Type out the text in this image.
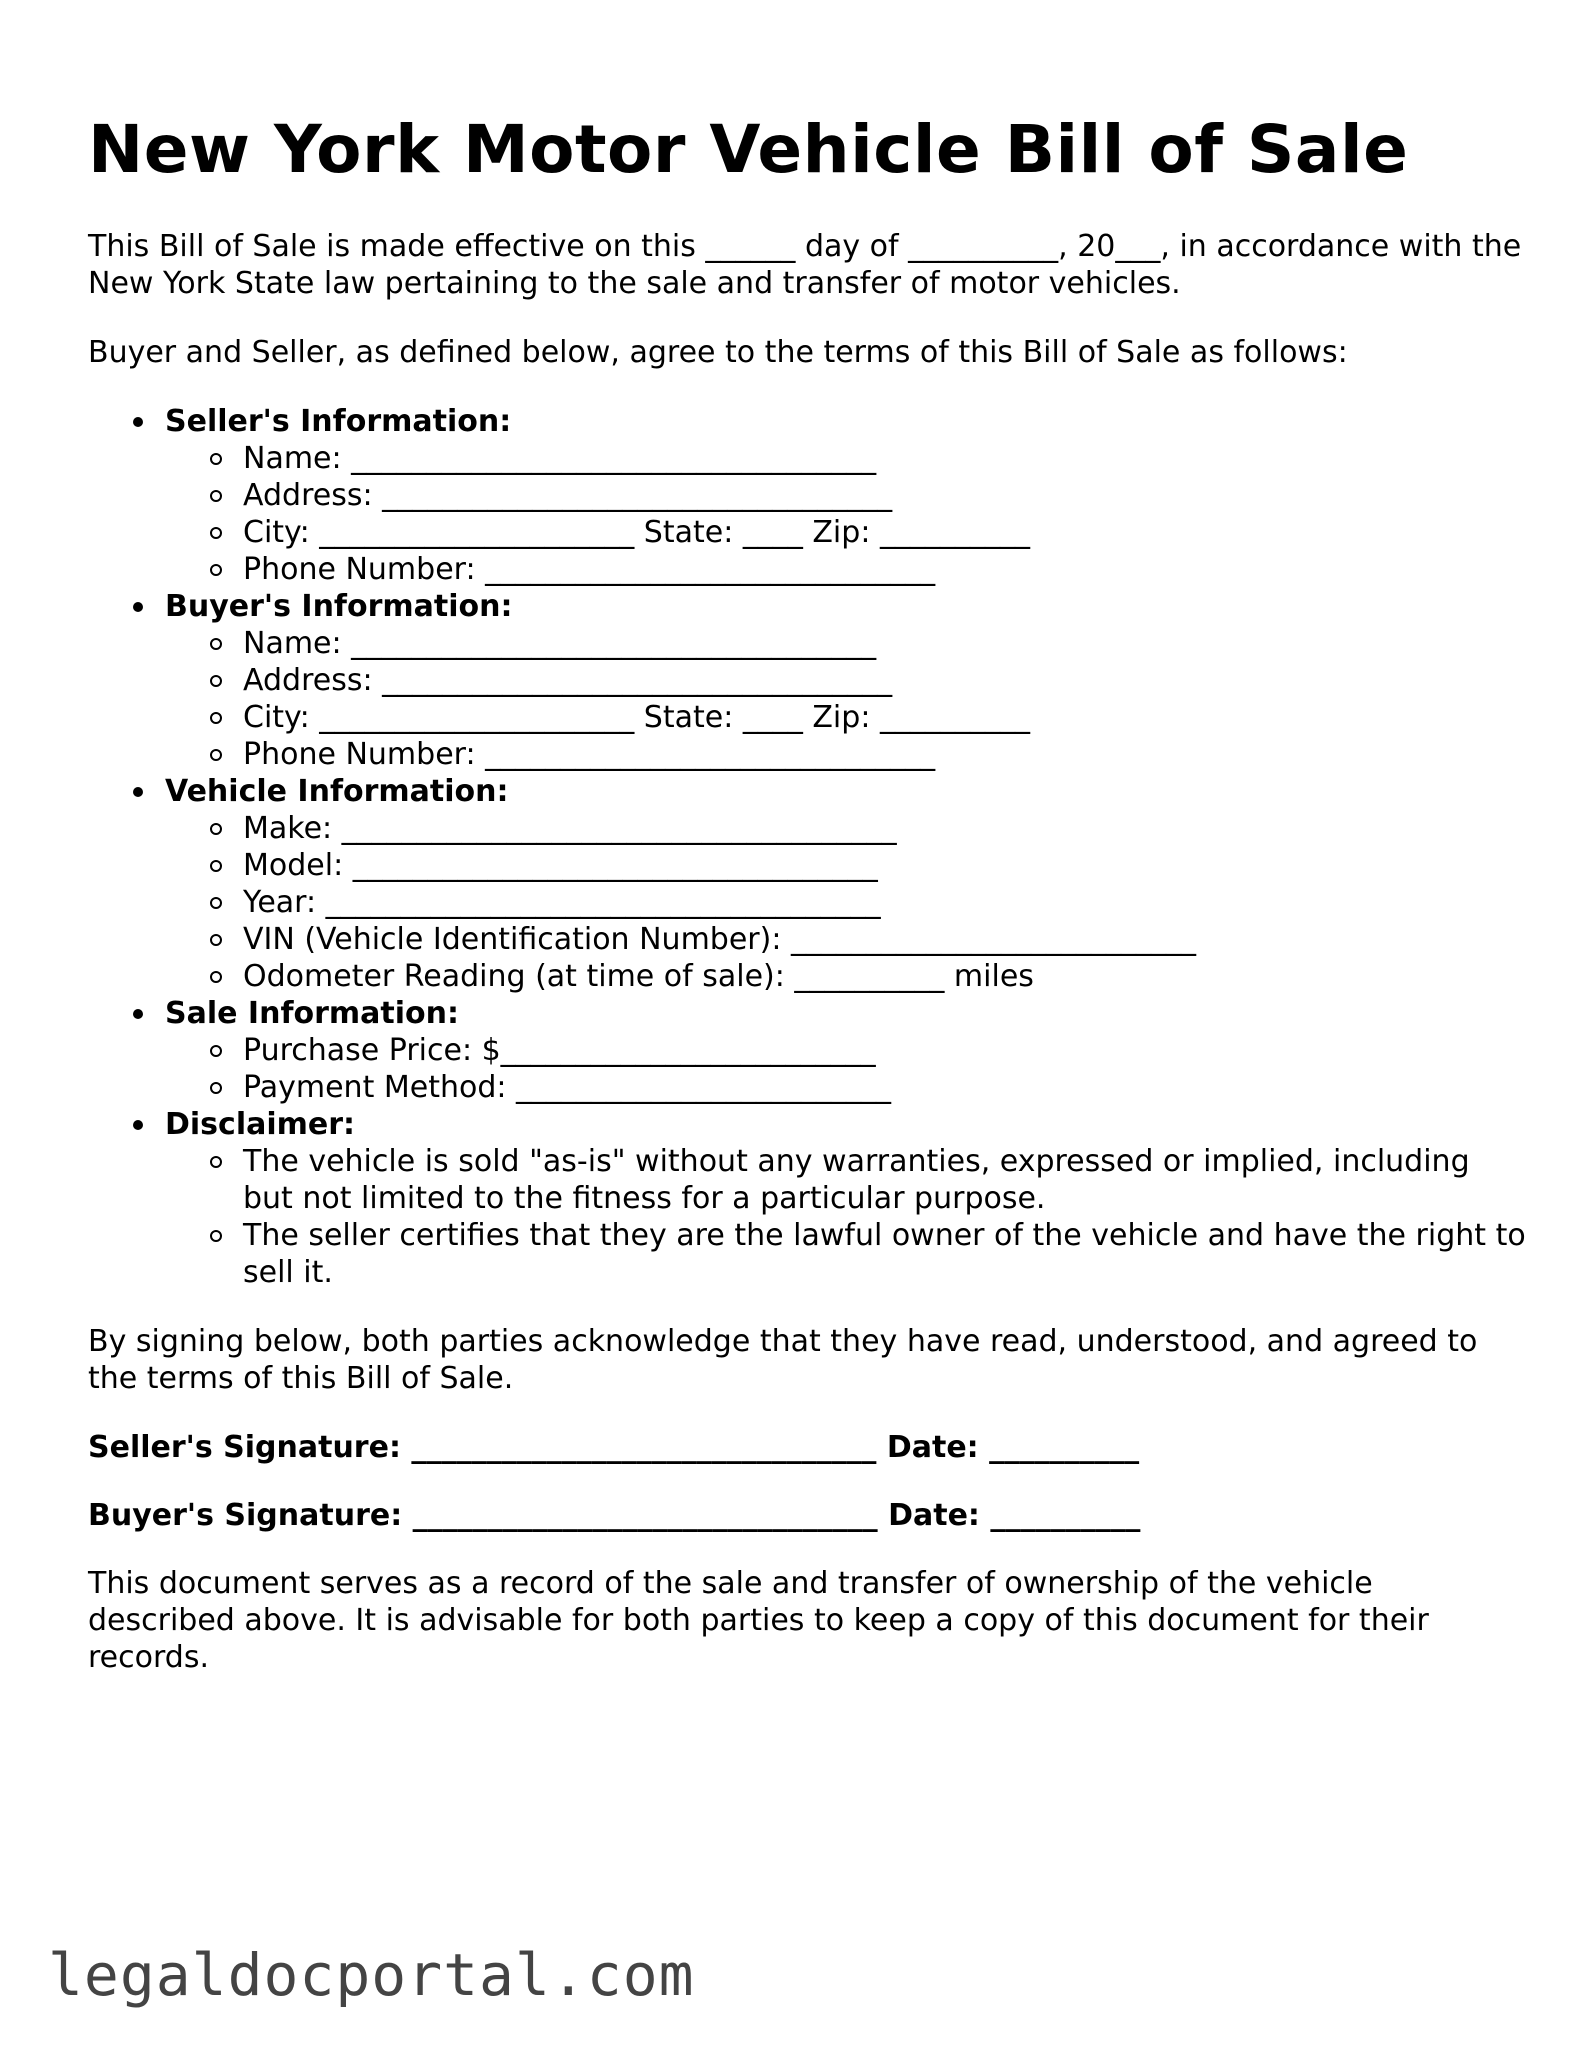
New York Motor Vehicle Bill of Sale

This Bill of Sale is made effective on this ______ day of __________, 20___, in accordance with the New York State law pertaining to the sale and transfer of motor vehicles.

Buyer and Seller, as defined below, agree to the terms of this Bill of Sale as follows:

Seller's Information:
Name: ___________________________________
Address: __________________________________
City: _____________________ State: ____ Zip: __________
Phone Number: ______________________________
Buyer's Information:
Name: ___________________________________
Address: __________________________________
City: _____________________ State: ____ Zip: __________
Phone Number: ______________________________
Vehicle Information:
Make: _____________________________________
Model: ___________________________________
Year: _____________________________________
VIN (Vehicle Identification Number): ___________________________
Odometer Reading (at time of sale): __________ miles
Sale Information:
Purchase Price: $_________________________
Payment Method: _________________________
Disclaimer:
The vehicle is sold "as-is" without any warranties, expressed or implied, including but not limited to the fitness for a particular purpose.
The seller certifies that they are the lawful owner of the vehicle and have the right to sell it.

By signing below, both parties acknowledge that they have read, understood, and agreed to the terms of this Bill of Sale.

Seller's Signature: _______________________________ Date: __________

Buyer's Signature: _______________________________ Date: __________

This document serves as a record of the sale and transfer of ownership of the vehicle described above. It is advisable for both parties to keep a copy of this document for their records.

legaldocportal.com
